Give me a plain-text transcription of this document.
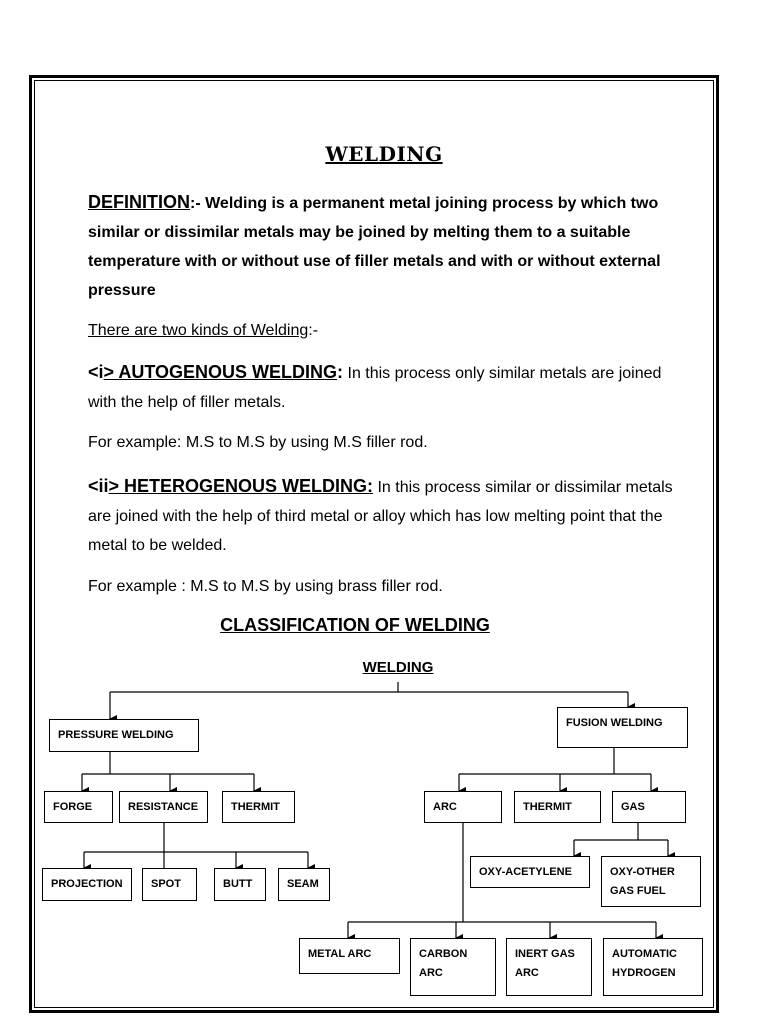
WELDING
DEFINITION:- Welding is a permanent metal joining process by which two similar or dissimilar metals may be joined by melting them to a suitable temperature with or without use of filler metals and with or without external pressure
There are two kinds of Welding:-
<i> AUTOGENOUS WELDING: In this process only similar metals are joined with the help of filler metals.
For example: M.S to M.S by using M.S filler rod.
<ii> HETEROGENOUS WELDING: In this process similar or dissimilar metals are joined with the help of third metal or alloy which has low melting point that the metal to be welded.
For example : M.S to M.S by using brass filler rod.
CLASSIFICATION OF WELDING
WELDING
PRESSURE WELDING
FUSION WELDING
FORGE	RESISTANCE	THERMIT
PROJECTION	SPOT	BUTT	SEAM
ARC	THERMIT	GAS
OXY-ACETYLENE	OXY-OTHER
GAS FUEL
METAL ARC	CARBON
ARC
INERT GAS
ARC
AUTOMATIC
HYDROGEN
